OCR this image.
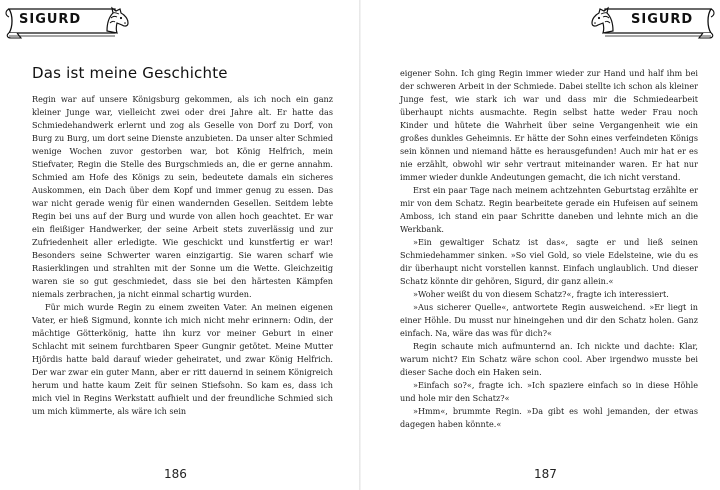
SIGURD
Das ist meine Geschichte

Regin war auf unsere Königsburg gekommen, als ich noch ein ganz kleiner Junge war, vielleicht zwei oder drei Jahre alt. Er hatte das Schmiedehandwerk erlernt und zog als Geselle von Dorf zu Dorf, von Burg zu Burg, um dort seine Dienste anzubieten. Da unser alter Schmied wenige Wochen zuvor gestorben war, bot König Helfrich, mein Stiefvater, Regin die Stelle des Burgschmieds an, die er gerne annahm. Schmied am Hofe des Königs zu sein, bedeutete damals ein sicheres Auskommen, ein Dach über dem Kopf und immer genug zu essen. Das war nicht gerade wenig für einen wandernden Gesellen. Seitdem lebte Regin bei uns auf der Burg und wurde von allen hoch geachtet. Er war ein fleißiger Handwerker, der seine Arbeit stets zuverlässig und zur Zufriedenheit aller erledigte. Wie geschickt und kunstfertig er war! Besonders seine Schwerter waren einzigartig. Sie waren scharf wie Rasierklingen und strahlten mit der Sonne um die Wette. Gleichzeitig waren sie so gut geschmiedet, dass sie bei den härtesten Kämpfen niemals zerbrachen, ja nicht einmal schartig wurden.

Für mich wurde Regin zu einem zweiten Vater. An meinen eigenen Vater, er hieß Sigmund, konnte ich mich nicht mehr erinnern: Odin, der mächtige Götterkönig, hatte ihn kurz vor meiner Geburt in einer Schlacht mit seinem furchtbaren Speer Gungnir getötet. Meine Mutter Hjördis hatte bald darauf wieder geheiratet, und zwar König Helfrich. Der war zwar ein guter Mann, aber er ritt dauernd in seinem Königreich herum und hatte kaum Zeit für seinen Stiefsohn. So kam es, dass ich mich viel in Regins Werkstatt aufhielt und der freundliche Schmied sich um mich kümmerte, als wäre ich sein

186
SIGURD

eigener Sohn. Ich ging Regin immer wieder zur Hand und half ihm bei der schweren Arbeit in der Schmiede. Dabei stellte ich schon als kleiner Junge fest, wie stark ich war und dass mir die Schmiedearbeit überhaupt nichts ausmachte. Regin selbst hatte weder Frau noch Kinder und hütete die Wahrheit über seine Vergangenheit wie ein großes dunkles Geheimnis. Er hätte der Sohn eines verfeindeten Königs sein können und niemand hätte es herausgefunden! Auch mir hat er es nie erzählt, obwohl wir sehr vertraut miteinander waren. Er hat nur immer wieder dunkle Andeutungen gemacht, die ich nicht verstand.

Erst ein paar Tage nach meinem achtzehnten Geburtstag erzählte er mir von dem Schatz. Regin bearbeitete gerade ein Hufeisen auf seinem Amboss, ich stand ein paar Schritte daneben und lehnte mich an die Werkbank.

»Ein gewaltiger Schatz ist das«, sagte er und ließ seinen Schmiedehammer sinken. »So viel Gold, so viele Edelsteine, wie du es dir überhaupt nicht vorstellen kannst. Einfach unglaublich. Und dieser Schatz könnte dir gehören, Sigurd, dir ganz allein.«

»Woher weißt du von diesem Schatz?«, fragte ich interessiert.

»Aus sicherer Quelle«, antwortete Regin ausweichend. »Er liegt in einer Höhle. Du musst nur hineingehen und dir den Schatz holen. Ganz einfach. Na, wäre das was für dich?«

Regin schaute mich aufmunternd an. Ich nickte und dachte: Klar, warum nicht? Ein Schatz wäre schon cool. Aber irgendwo musste bei dieser Sache doch ein Haken sein.

»Einfach so?«, fragte ich. »Ich spaziere einfach so in diese Höhle und hole mir den Schatz?«

»Hmm«, brummte Regin. »Da gibt es wohl jemanden, der etwas dagegen haben könnte.«

187
